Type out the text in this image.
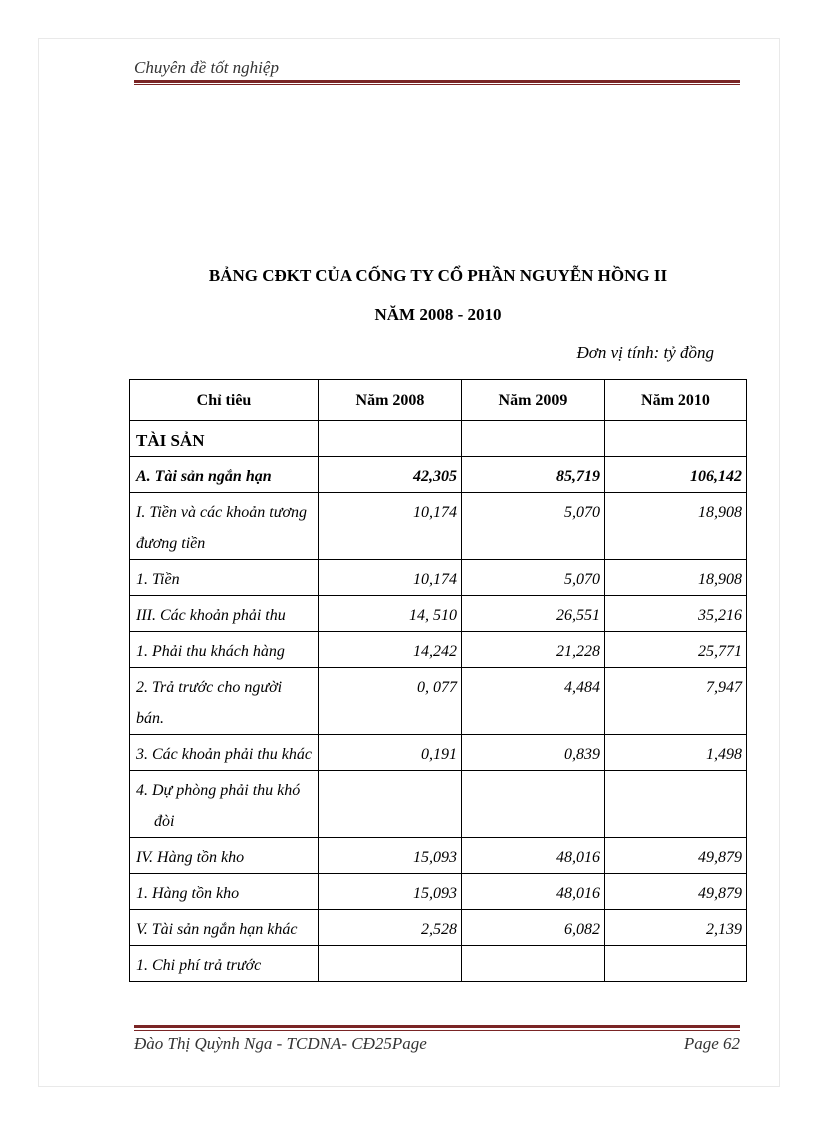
Chuyên đề tốt nghiệp
BẢNG CĐKT CỦA CỐNG TY CỔ PHẦN NGUYỄN HỒNG II
NĂM 2008 - 2010
Đơn vị tính: tỷ đồng
Chỉ tiêu	Năm 2008	Năm 2009	Năm 2010
TÀI SẢN			
A. Tài sản ngắn hạn	42,305	85,719	106,142
I. Tiền và các khoản tương đương tiền	10,174	5,070	18,908
1. Tiền	10,174	5,070	18,908
III. Các khoản phải thu	14, 510	26,551	35,216
1. Phải thu khách hàng	14,242	21,228	25,771
2. Trả trước cho người bán.	0, 077	4,484	7,947
3. Các khoản phải thu khác	0,191	0,839	1,498
4. Dự phòng phải thu khó đòi			
IV. Hàng tồn kho	15,093	48,016	49,879
1. Hàng tồn kho	15,093	48,016	49,879
V. Tài sản ngắn hạn khác	2,528	6,082	2,139
1. Chi phí trả trước			
Đào Thị Quỳnh Nga - TCDNA- CĐ25Page	Page 62
